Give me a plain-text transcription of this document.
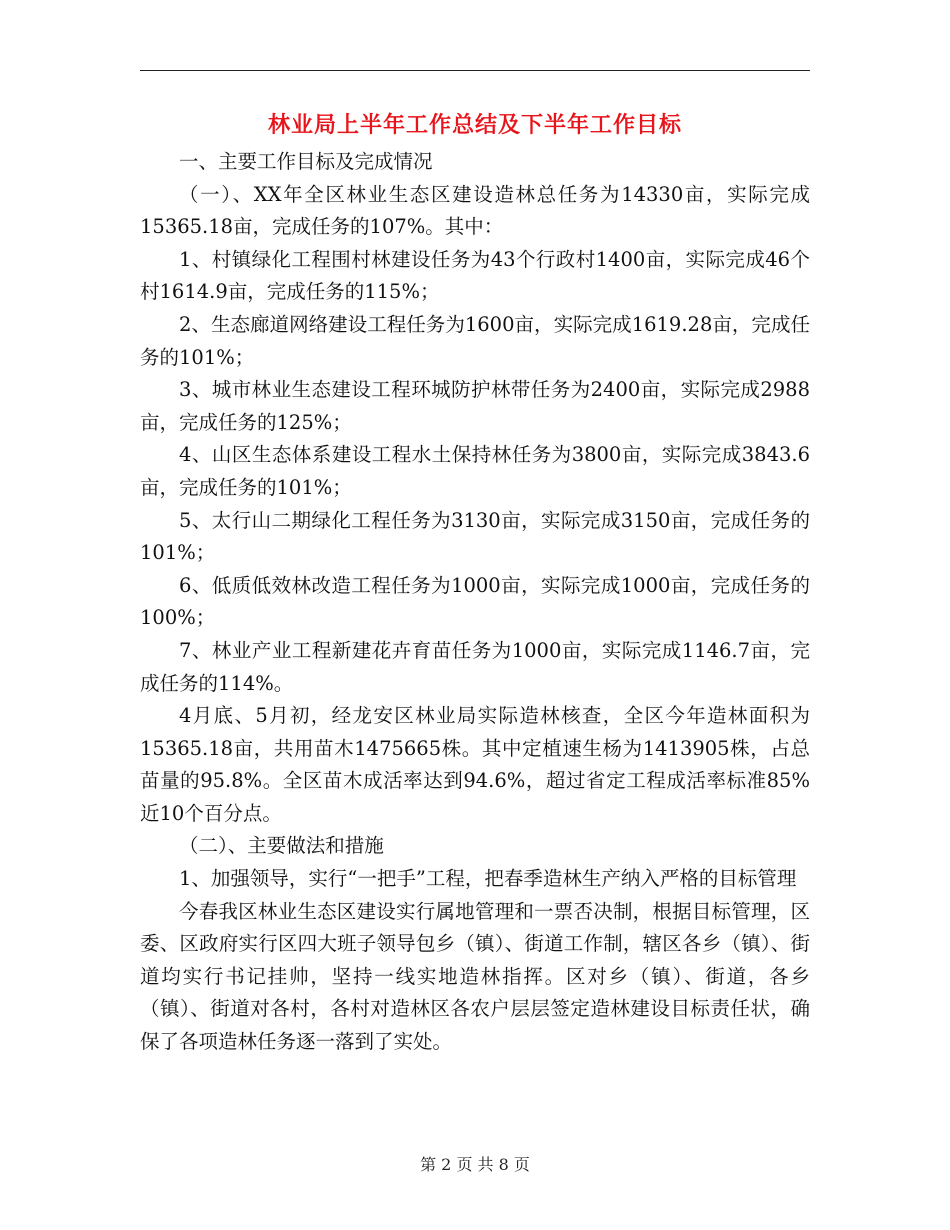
林业局上半年工作总结及下半年工作目标

一、主要工作目标及完成情况

（一）、XX年全区林业生态区建设造林总任务为14330亩，实际完成15365.18亩，完成任务的107%。其中：

1、村镇绿化工程围村林建设任务为43个行政村1400亩，实际完成46个村1614.9亩，完成任务的115%；

2、生态廊道网络建设工程任务为1600亩，实际完成1619.28亩，完成任务的101%；

3、城市林业生态建设工程环城防护林带任务为2400亩，实际完成2988亩，完成任务的125%；

4、山区生态体系建设工程水土保持林任务为3800亩，实际完成3843.6亩，完成任务的101%；

5、太行山二期绿化工程任务为3130亩，实际完成3150亩，完成任务的101%；

6、低质低效林改造工程任务为1000亩，实际完成1000亩，完成任务的100%；

7、林业产业工程新建花卉育苗任务为1000亩，实际完成1146.7亩，完成任务的114%。

4月底、5月初，经龙安区林业局实际造林核查，全区今年造林面积为15365.18亩，共用苗木1475665株。其中定植速生杨为1413905株，占总苗量的95.8%。全区苗木成活率达到94.6%，超过省定工程成活率标准85%近10个百分点。

（二）、主要做法和措施

1、加强领导，实行“一把手”工程，把春季造林生产纳入严格的目标管理

今春我区林业生态区建设实行属地管理和一票否决制，根据目标管理，区委、区政府实行区四大班子领导包乡（镇）、街道工作制，辖区各乡（镇）、街道均实行书记挂帅，坚持一线实地造林指挥。区对乡（镇）、街道，各乡（镇）、街道对各村，各村对造林区各农户层层签定造林建设目标责任状，确保了各项造林任务逐一落到了实处。

第 2 页 共 8 页
